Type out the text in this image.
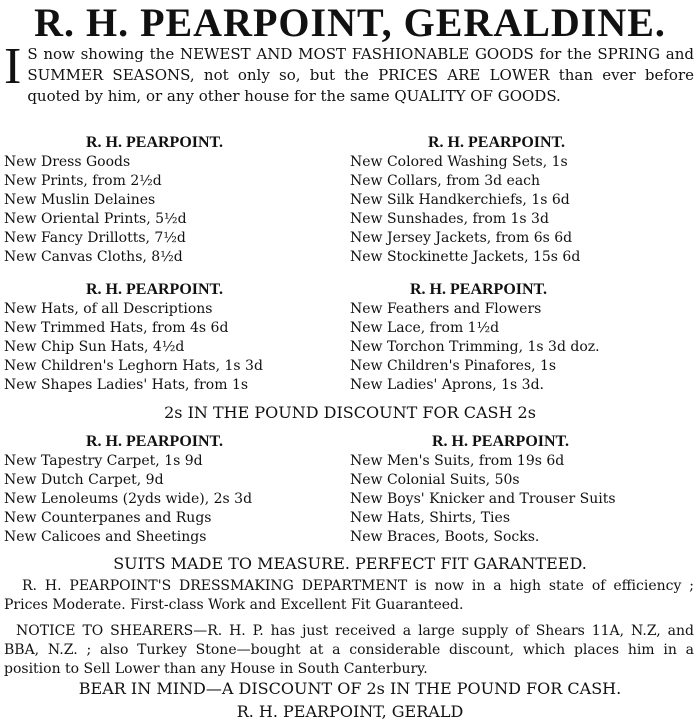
R. H. PEARPOINT, GERALDINE.
I S now showing the NEWEST AND MOST FASHIONABLE GOODS for the SPRING and SUMMER SEASONS, not only so, but the PRICES ARE LOWER than ever before quoted by him, or any other house for the same QUALITY OF GOODS.
R. H. PEARPOINT.
New Dress Goods
New Prints, from 2½d
New Muslin Delaines
New Oriental Prints, 5½d
New Fancy Drillotts, 7½d
New Canvas Cloths, 8½d
R. H. PEARPOINT.
New Colored Washing Sets, 1s
New Collars, from 3d each
New Silk Handkerchiefs, 1s 6d
New Sunshades, from 1s 3d
New Jersey Jackets, from 6s 6d
New Stockinette Jackets, 15s 6d
R. H. PEARPOINT.
New Hats, of all Descriptions
New Trimmed Hats, from 4s 6d
New Chip Sun Hats, 4½d
New Children's Leghorn Hats, 1s 3d
New Shapes Ladies' Hats, from 1s
R. H. PEARPOINT.
New Feathers and Flowers
New Lace, from 1½d
New Torchon Trimming, 1s 3d doz.
New Children's Pinafores, 1s
New Ladies' Aprons, 1s 3d.
2s IN THE POUND DISCOUNT FOR CASH 2s
R. H. PEARPOINT.
New Tapestry Carpet, 1s 9d
New Dutch Carpet, 9d
New Lenoleums (2yds wide), 2s 3d
New Counterpanes and Rugs
New Calicoes and Sheetings
R. H. PEARPOINT.
New Men's Suits, from 19s 6d
New Colonial Suits, 50s
New Boys' Knicker and Trouser Suits
New Hats, Shirts, Ties
New Braces, Boots, Socks.
SUITS MADE TO MEASURE. PERFECT FIT GARANTEED.
R. H. PEARPOINT'S DRESSMAKING DEPARTMENT is now in a high state of efficiency ; Prices Moderate. First-class Work and Excellent Fit Guaranteed.
NOTICE TO SHEARERS—R. H. P. has just received a large supply of Shears 11A, N.Z, and BBA, N.Z. ; also Turkey Stone—bought at a considerable discount, which places him in a position to Sell Lower than any House in South Canterbury.
BEAR IN MIND—A DISCOUNT OF 2s IN THE POUND FOR CASH.
R. H. PEARPOINT, GERALD
